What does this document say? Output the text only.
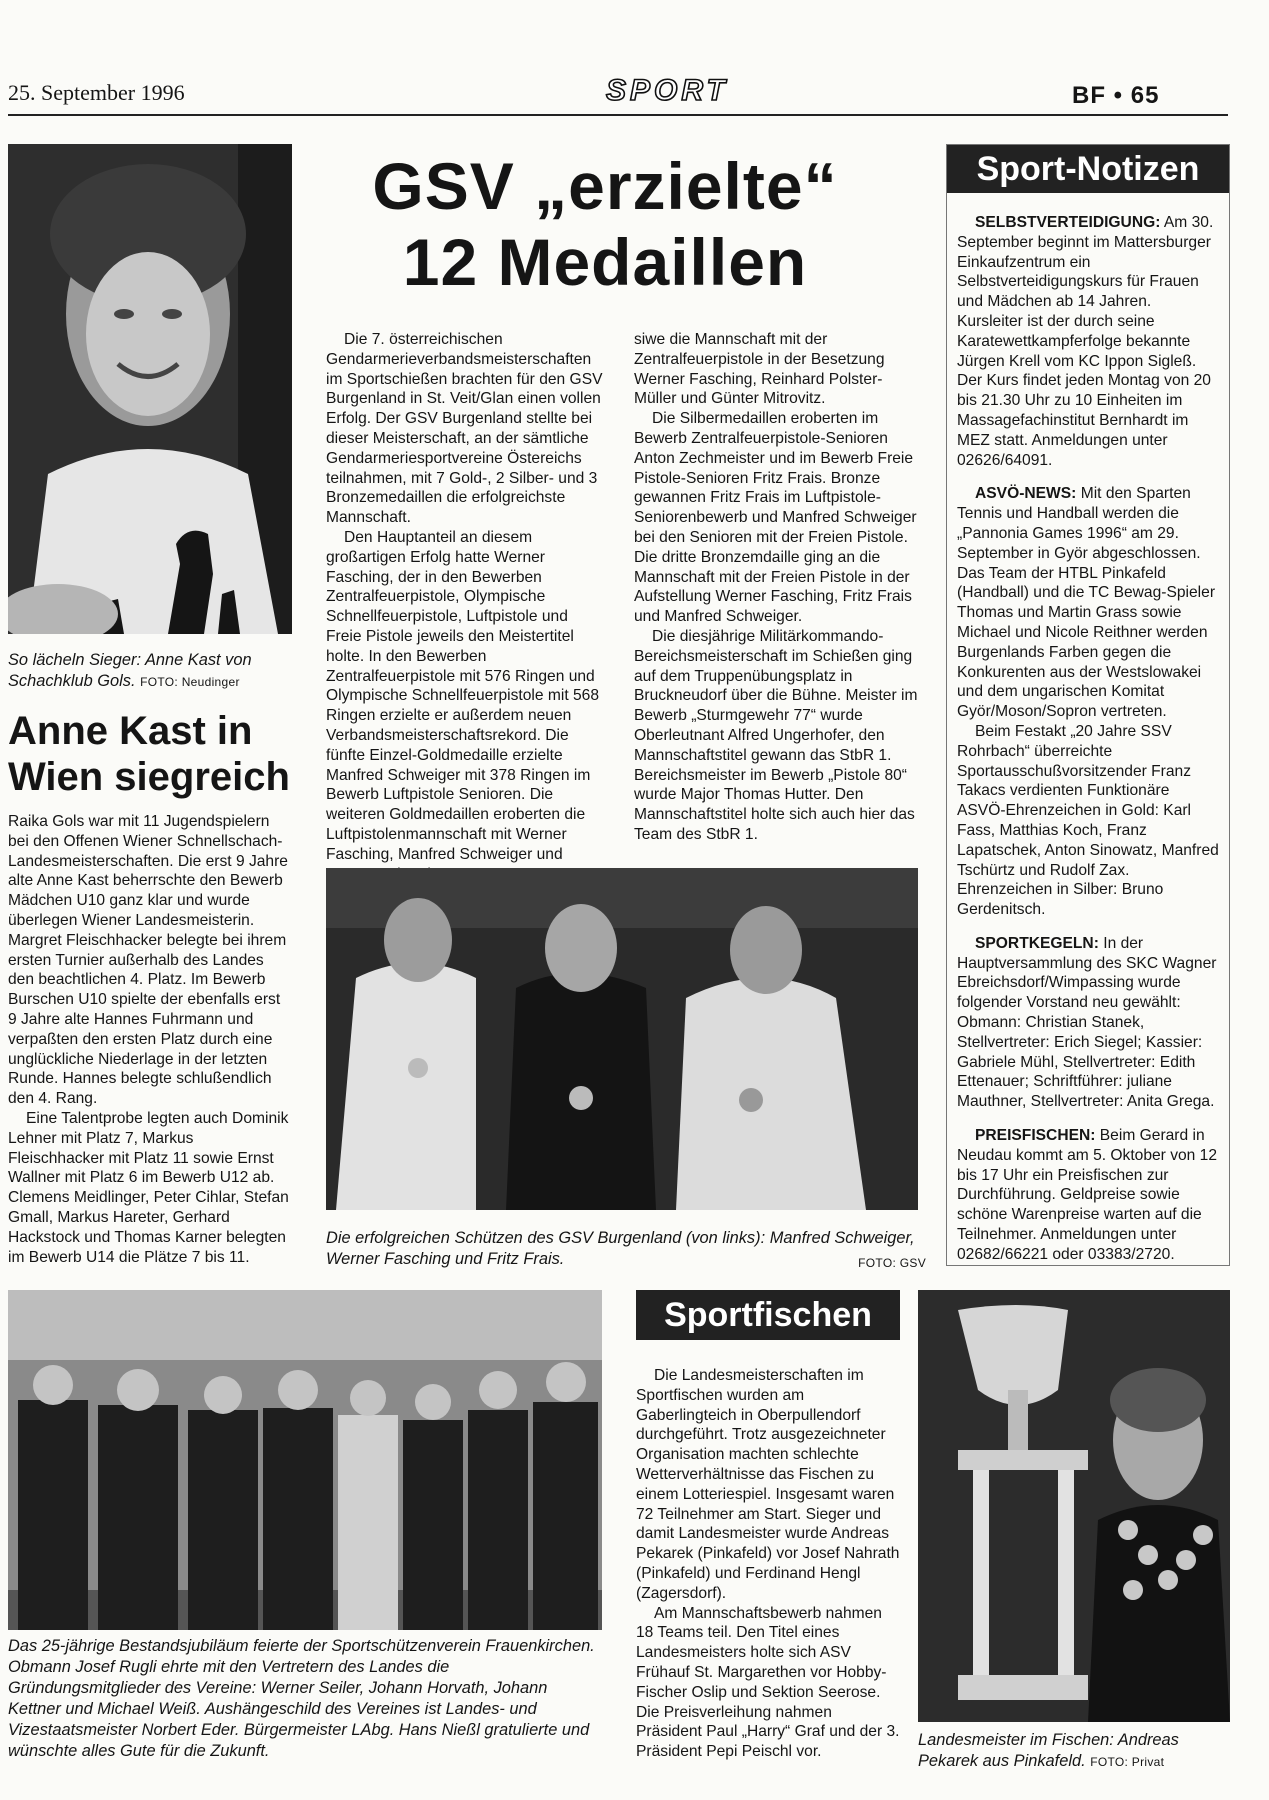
25. September 1996	SPORT	BF • 65
So lächeln Sieger: Anne Kast von Schachklub Gols. FOTO: Neudinger
Anne Kast in
Wien siegreich

Raika Gols war mit 11 Jugendspielern bei den Offenen Wiener Schnellschach-Landesmeisterschaften. Die erst 9 Jahre alte Anne Kast beherrschte den Bewerb Mädchen U10 ganz klar und wurde überlegen Wiener Landesmeisterin. Margret Fleischhacker belegte bei ihrem ersten Turnier außerhalb des Landes den beachtlichen 4. Platz. Im Bewerb Burschen U10 spielte der ebenfalls erst 9 Jahre alte Hannes Fuhrmann und verpaßten den ersten Platz durch eine unglückliche Niederlage in der letzten Runde. Hannes belegte schlußendlich den 4. Rang.

Eine Talentprobe legten auch Dominik Lehner mit Platz 7, Markus Fleischhacker mit Platz 11 sowie Ernst Wallner mit Platz 6 im Bewerb U12 ab. Clemens Meidlinger, Peter Cihlar, Stefan Gmall, Markus Hareter, Gerhard Hackstock und Thomas Karner belegten im Bewerb U14 die Plätze 7 bis 11.

GSV „erzielte“
12 Medaillen

Die 7. österreichischen Gendarmerieverbandsmeisterschaften im Sportschießen brachten für den GSV Burgenland in St. Veit/Glan einen vollen Erfolg. Der GSV Burgenland stellte bei dieser Meisterschaft, an der sämtliche Gendarmeriesportvereine Östereichs teilnahmen, mit 7 Gold-, 2 Silber- und 3 Bronzemedaillen die erfolgreichste Mannschaft.

Den Hauptanteil an diesem großartigen Erfolg hatte Werner Fasching, der in den Bewerben Zentralfeuerpistole, Olympische Schnellfeuerpistole, Luftpistole und Freie Pistole jeweils den Meistertitel holte. In den Bewerben Zentralfeuerpistole mit 576 Ringen und Olympische Schnellfeuerpistole mit 568 Ringen erzielte er außerdem neuen Verbandsmeisterschaftsrekord. Die fünfte Einzel-Goldmedaille erzielte Manfred Schweiger mit 378 Ringen im Bewerb Luftpistole Senioren. Die weiteren Goldmedaillen eroberten die Luftpistolenmannschaft mit Werner Fasching, Manfred Schweiger und

siwe die Mannschaft mit der Zentralfeuerpistole in der Besetzung Werner Fasching, Reinhard Polster-Müller und Günter Mitrovitz.

Die Silbermedaillen eroberten im Bewerb Zentralfeuerpistole-Senioren Anton Zechmeister und im Bewerb Freie Pistole-Senioren Fritz Frais. Bronze gewannen Fritz Frais im Luftpistole-Seniorenbewerb und Manfred Schweiger bei den Senioren mit der Freien Pistole. Die dritte Bronzemdaille ging an die Mannschaft mit der Freien Pistole in der Aufstellung Werner Fasching, Fritz Frais und Manfred Schweiger.

Die diesjährige Militärkommando-Bereichsmeisterschaft im Schießen ging auf dem Truppenübungsplatz in Bruckneudorf über die Bühne. Meister im Bewerb „Sturmgewehr 77“ wurde Oberleutnant Alfred Ungerhofer, den Mannschaftstitel gewann das StbR 1. Bereichsmeister im Bewerb „Pistole 80“ wurde Major Thomas Hutter. Den Mannschaftstitel holte sich auch hier das Team des StbR 1.

Die erfolgreichen Schützen des GSV Burgenland (von links): Manfred Schweiger, Werner Fasching und Fritz Frais.	FOTO: GSV
Sport-Notizen

SELBSTVERTEIDIGUNG: Am 30. September beginnt im Mattersburger Einkaufzentrum ein Selbstverteidigungskurs für Frauen und Mädchen ab 14 Jahren. Kursleiter ist der durch seine Karatewettkampferfolge bekannte Jürgen Krell vom KC Ippon Sigleß. Der Kurs findet jeden Montag von 20 bis 21.30 Uhr zu 10 Einheiten im Massagefachinstitut Bernhardt im MEZ statt. Anmeldungen unter 02626/64091.

ASVÖ-NEWS: Mit den Sparten Tennis und Handball werden die „Pannonia Games 1996“ am 29. September in Györ abgeschlossen. Das Team der HTBL Pinkafeld (Handball) und die TC Bewag-Spieler Thomas und Martin Grass sowie Michael und Nicole Reithner werden Burgenlands Farben gegen die Konkurenten aus der Westslowakei und dem ungarischen Komitat Györ/Moson/Sopron vertreten.

Beim Festakt „20 Jahre SSV Rohrbach“ überreichte Sportausschußvorsitzender Franz Takacs verdienten Funktionäre ASVÖ-Ehrenzeichen in Gold: Karl Fass, Matthias Koch, Franz Lapatschek, Anton Sinowatz, Manfred Tschürtz und Rudolf Zax. Ehrenzeichen in Silber: Bruno Gerdenitsch.

SPORTKEGELN: In der Hauptversammlung des SKC Wagner Ebreichsdorf/Wimpassing wurde folgender Vorstand neu gewählt: Obmann: Christian Stanek, Stellvertreter: Erich Siegel; Kassier: Gabriele Mühl, Stellvertreter: Edith Ettenauer; Schriftführer: juliane Mauthner, Stellvertreter: Anita Grega.

PREISFISCHEN: Beim Gerard in Neudau kommt am 5. Oktober von 12 bis 17 Uhr ein Preisfischen zur Durchführung. Geldpreise sowie schöne Warenpreise warten auf die Teilnehmer. Anmeldungen unter 02682/66221 oder 03383/2720.

Das 25-jährige Bestandsjubiläum feierte der Sportschützenverein Frauenkirchen. Obmann Josef Rugli ehrte mit den Vertretern des Landes die Gründungsmitglieder des Vereine: Werner Seiler, Johann Horvath, Johann Kettner und Michael Weiß. Aushängeschild des Vereines ist Landes- und Vizestaatsmeister Norbert Eder. Bürgermeister LAbg. Hans Nießl gratulierte und wünschte alles Gute für die Zukunft.
Sportfischen

Die Landesmeisterschaften im Sportfischen wurden am Gaberlingteich in Oberpullendorf durchgeführt. Trotz ausgezeichneter Organisation machten schlechte Wetterverhältnisse das Fischen zu einem Lotteriespiel. Insgesamt waren 72 Teilnehmer am Start. Sieger und damit Landesmeister wurde Andreas Pekarek (Pinkafeld) vor Josef Nahrath (Pinkafeld) und Ferdinand Hengl (Zagersdorf).

Am Mannschaftsbewerb nahmen 18 Teams teil. Den Titel eines Landesmeisters holte sich ASV Frühauf St. Margarethen vor Hobby-Fischer Oslip und Sektion Seerose. Die Preisverleihung nahmen Präsident Paul „Harry“ Graf und der 3. Präsident Pepi Peischl vor.

Landesmeister im Fischen: Andreas Pekarek aus Pinkafeld. FOTO: Privat
